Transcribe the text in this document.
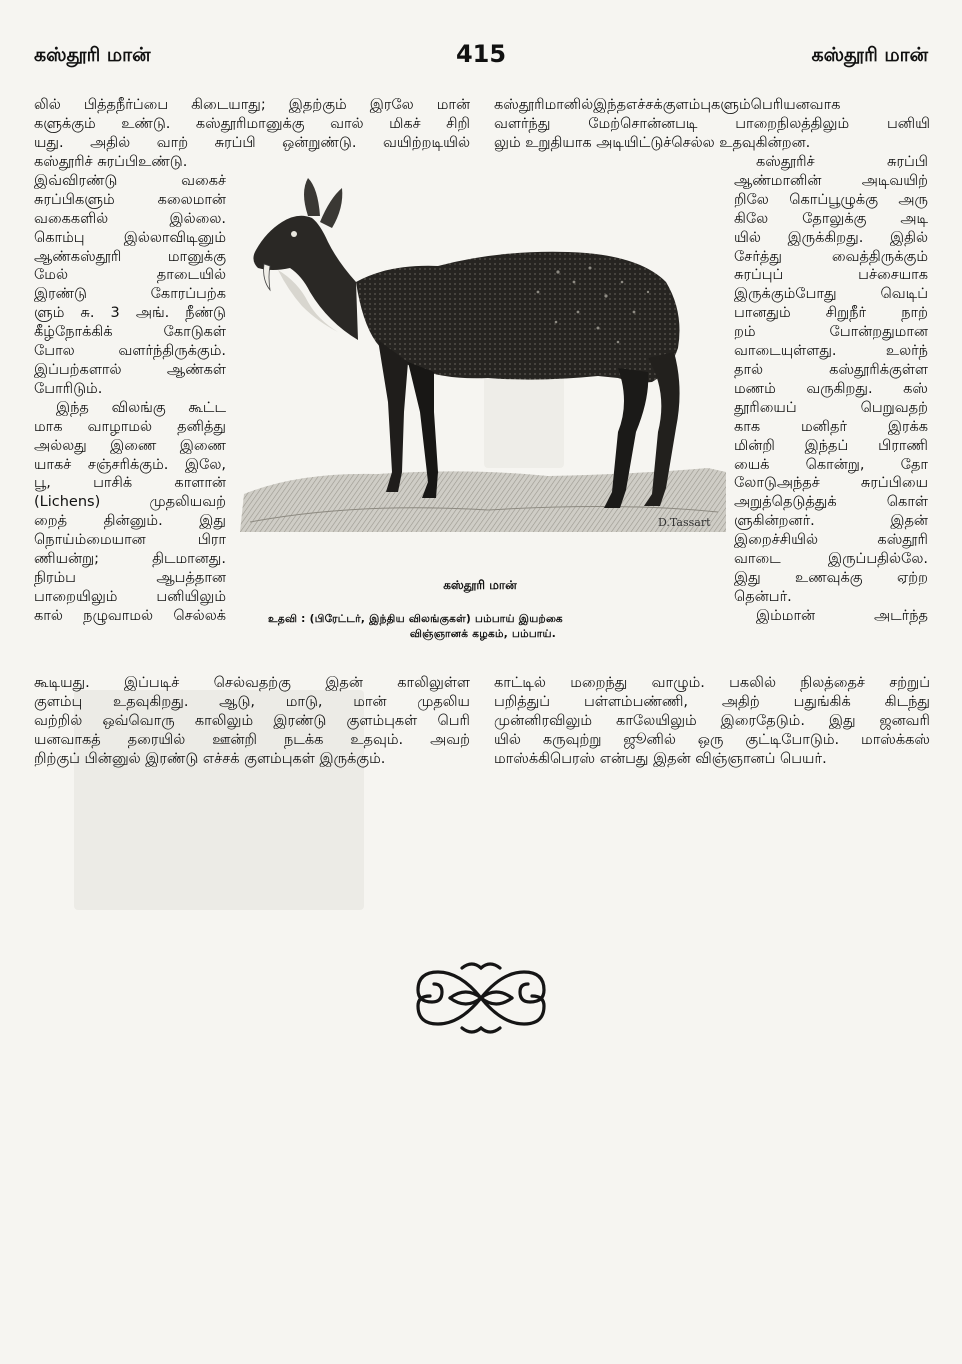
கஸ்தூரி மான்	415	கஸ்தூரி மான்
லில் பித்தநீர்ப்பை கிடையாது; இதற்கும் இரலே மான்
களுக்கும் உண்டு. கஸ்தூரிமானுக்கு வால் மிகச் சிறி
யது. அதில் வாற் சுரப்பி ஒன்றுண்டு. வயிற்றடியில்
கஸ்தூரிமானில்இந்தஎச்சக்குளம்புகளும்பெரியனவாக
வளர்ந்து மேற்சொன்னபடி பாறைநிலத்திலும் பனியி
லும் உறுதியாக அடியிட்டுச்செல்ல உதவுகின்றன.
கஸ்தூரிச் சுரப்பிஉண்டு.
இவ்விரண்டு வகைச்
சுரப்பிகளும் கலைமான்
வகைகளில் இல்லை.
கொம்பு இல்லாவிடினும்
ஆண்கஸ்தூரி மானுக்கு
மேல் தாடையில்
இரண்டு கோரப்பற்க
ளும் சு. 3 அங். நீண்டு
கீழ்நோக்கிக் கோடுகள்
போல வளர்ந்திருக்கும்.
இப்பற்களால் ஆண்கள்
போரிடும்.
இந்த விலங்கு கூட்ட
மாக வாழாமல் தனித்து
அல்லது இணை இணை
யாகச் சஞ்சரிக்கும். இலே,
பூ, பாசிக் காளான்
(Lichens) முதலியவற்
றைத் தின்னும். இது
நொய்ம்மையான பிரா
ணியன்று; திடமானது.
நிரம்ப ஆபத்தான
பாறையிலும் பனியிலும்
கால் நழுவாமல் செல்லக்
கஸ்தூரிச் சுரப்பி
ஆண்மானின் அடிவயிற்
றிலே கொப்பூழுக்கு அரு
கிலே தோலுக்கு அடி
யில் இருக்கிறது. இதில்
சேர்த்து வைத்திருக்கும்
சுரப்புப் பச்சையாக
இருக்கும்போது வெடிப்
பானதும் சிறுநீர் நாற்
றம் போன்றதுமான
வாடையுள்ளது. உலர்ந்
தால் கஸ்தூரிக்குள்ள
மணம் வருகிறது. கஸ்
தூரியைப் பெறுவதற்
காக மனிதர் இரக்க
மின்றி இந்தப் பிராணி
யைக் கொன்று, தோ
லோடுஅந்தச் சுரப்பியை
அறுத்தெடுத்துக் கொள்
ளுகின்றனர். இதன்
இறைச்சியில் கஸ்தூரி
வாடை இருப்பதில்லே.
இது உணவுக்கு ஏற்ற
தென்பர்.
இம்மான் அடர்ந்த
D.Tassart
கஸ்தூரி மான்
உதவி : (பிரேட்டர், இந்திய விலங்குகள்) பம்பாய் இயற்கை
விஞ்ஞானக் கழகம், பம்பாய்.
கூடியது. இப்படிச் செல்வதற்கு இதன் காலிலுள்ள
குளம்பு உதவுகிறது. ஆடு, மாடு, மான் முதலிய
வற்றில் ஒவ்வொரு காலிலும் இரண்டு குளம்புகள் பெரி
யனவாகத் தரையில் ஊன்றி நடக்க உதவும். அவற்
றிற்குப் பின்னுல் இரண்டு எச்சக் குளம்புகள் இருக்கும்.
காட்டில் மறைந்து வாழும். பகலில் நிலத்தைச் சற்றுப்
பறித்துப் பள்ளம்பண்ணி, அதிற் பதுங்கிக் கிடந்து
முன்னிரவிலும் காலேயிலும் இரைதேடும். இது ஜனவரி
யில் கருவுற்று ஜூனில் ஒரு குட்டிபோடும். மாஸ்க்கஸ்
மாஸ்க்கிபெரஸ் என்பது இதன் விஞ்ஞானப் பெயர்.
